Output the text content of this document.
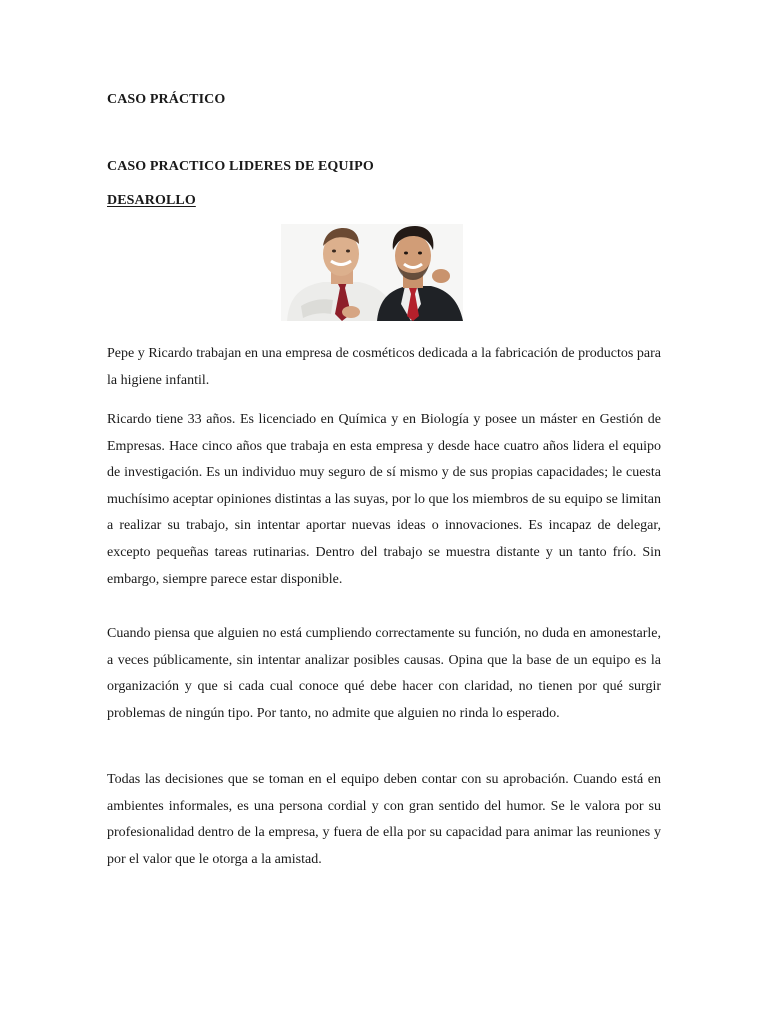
CASO PRÁCTICO
CASO PRACTICO LIDERES DE EQUIPO
DESAROLLO

Pepe y Ricardo trabajan en una empresa de cosméticos dedicada a la fabricación de productos para la higiene infantil.

Ricardo tiene 33 años. Es licenciado en Química y en Biología y posee un máster en Gestión de Empresas. Hace cinco años que trabaja en esta empresa y desde hace cuatro años lidera el equipo de investigación. Es un individuo muy seguro de sí mismo y de sus propias capacidades; le cuesta muchísimo aceptar opiniones distintas a las suyas, por lo que los miembros de su equipo se limitan a realizar su trabajo, sin intentar aportar nuevas ideas o innovaciones. Es incapaz de delegar, excepto pequeñas tareas rutinarias. Dentro del trabajo se muestra distante y un tanto frío. Sin embargo, siempre parece estar disponible.

Cuando piensa que alguien no está cumpliendo correctamente su función, no duda en amonestarle, a veces públicamente, sin intentar analizar posibles causas. Opina que la base de un equipo es la organización y que si cada cual conoce qué debe hacer con claridad, no tienen por qué surgir problemas de ningún tipo. Por tanto, no admite que alguien no rinda lo esperado.

Todas las decisiones que se toman en el equipo deben contar con su aprobación. Cuando está en ambientes informales, es una persona cordial y con gran sentido del humor. Se le valora por su profesionalidad dentro de la empresa, y fuera de ella por su capacidad para animar las reuniones y por el valor que le otorga a la amistad.
